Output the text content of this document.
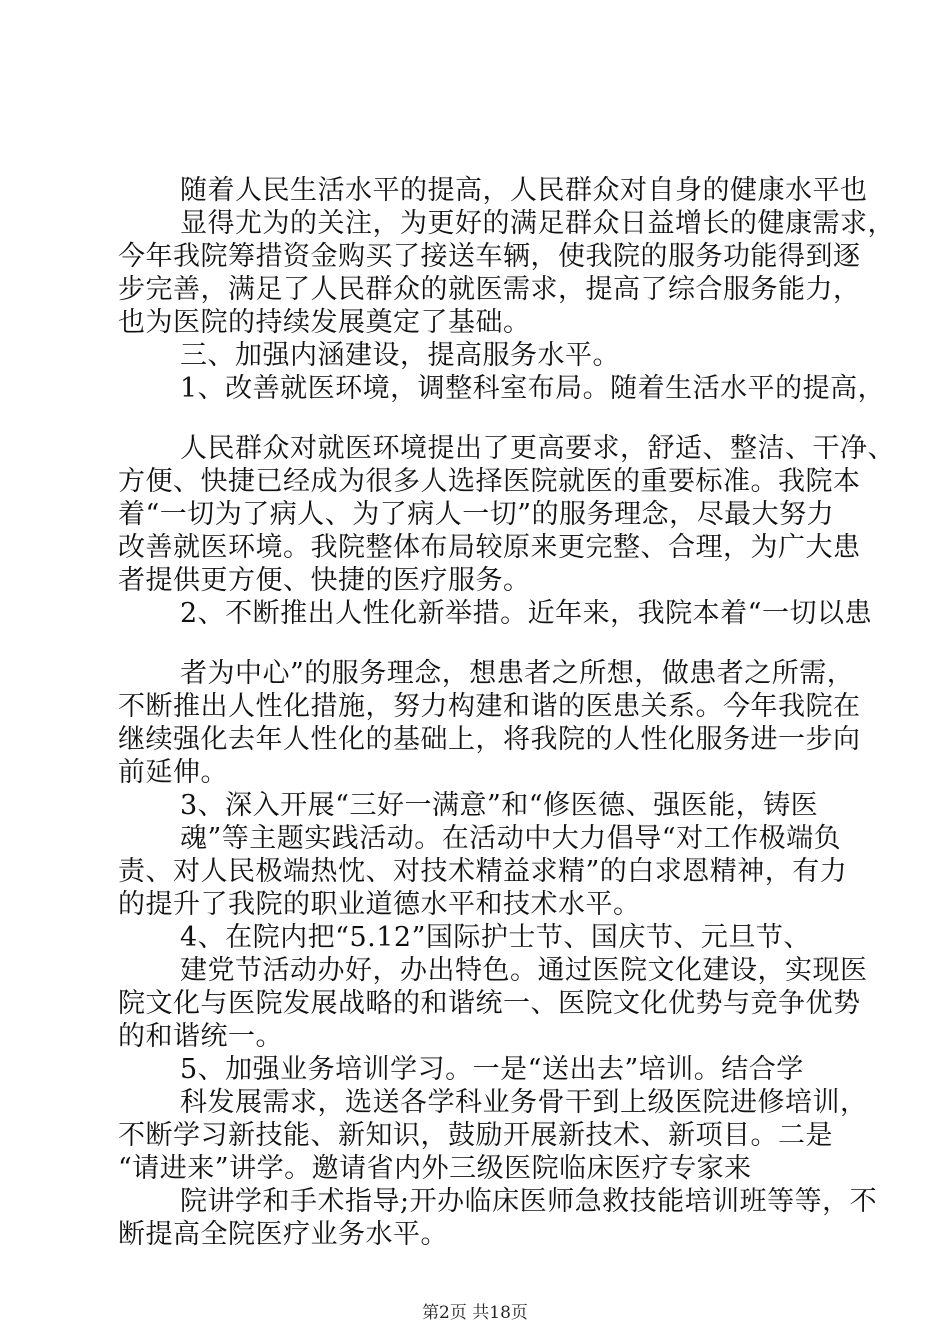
随着人民生活水平的提高，人民群众对自身的健康水平也
显得尤为的关注，为更好的满足群众日益增长的健康需求，
今年我院筹措资金购买了接送车辆，使我院的服务功能得到逐
步完善，满足了人民群众的就医需求，提高了综合服务能力，
也为医院的持续发展奠定了基础。
三、加强内涵建设，提高服务水平。
1、改善就医环境，调整科室布局。随着生活水平的提高，
人民群众对就医环境提出了更高要求，舒适、整洁、干净、
方便、快捷已经成为很多人选择医院就医的重要标准。我院本
着“一切为了病人、为了病人一切”的服务理念，尽最大努力
改善就医环境。我院整体布局较原来更完整、合理，为广大患
者提供更方便、快捷的医疗服务。
2、不断推出人性化新举措。近年来，我院本着“一切以患
者为中心”的服务理念，想患者之所想，做患者之所需，
不断推出人性化措施，努力构建和谐的医患关系。今年我院在
继续强化去年人性化的基础上，将我院的人性化服务进一步向
前延伸。
3、深入开展“三好一满意”和“修医德、强医能，铸医
魂”等主题实践活动。在活动中大力倡导“对工作极端负
责、对人民极端热忱、对技术精益求精”的白求恩精神，有力
的提升了我院的职业道德水平和技术水平。
4、在院内把“5.12”国际护士节、国庆节、元旦节、
建党节活动办好，办出特色。通过医院文化建设，实现医
院文化与医院发展战略的和谐统一、医院文化优势与竞争优势
的和谐统一。
5、加强业务培训学习。一是“送出去”培训。结合学
科发展需求，选送各学科业务骨干到上级医院进修培训，
不断学习新技能、新知识，鼓励开展新技术、新项目。二是
“请进来”讲学。邀请省内外三级医院临床医疗专家来
院讲学和手术指导;开办临床医师急救技能培训班等等，不
断提高全院医疗业务水平。
第2页 共18页
